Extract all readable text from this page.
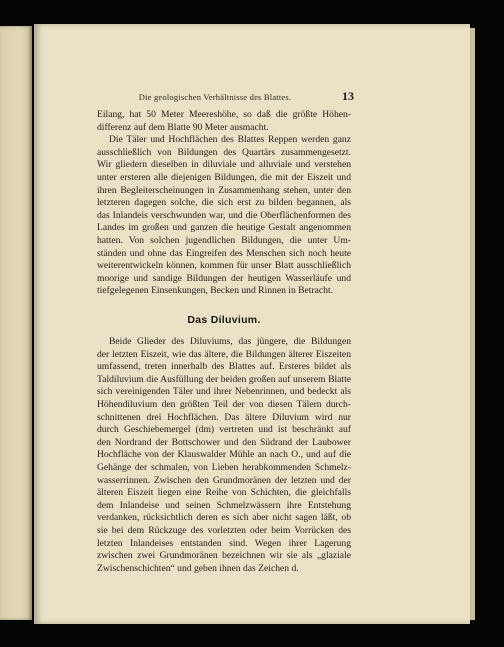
Die geologischen Verhältnisse des Blattes.	13
Eilang, hat 50 Meter Meereshöhe, so daß die größte Höhen-
differenz auf dem Blatte 90 Meter ausmacht.
Die Täler und Hochflächen des Blattes Reppen werden ganz
ausschließlich von Bildungen des Quartärs zusammengesetzt.
Wir gliedern dieselben in diluviale und alluviale und verstehen
unter ersteren alle diejenigen Bildungen, die mit der Eiszeit und
ihren Begleiterscheinungen in Zusammenhang stehen, unter den
letzteren dagegen solche, die sich erst zu bilden begannen, als
das Inlandeis verschwunden war, und die Oberflächenformen des
Landes im großen und ganzen die heutige Gestalt angenommen
hatten. Von solchen jugendlichen Bildungen, die unter Um-
ständen und ohne das Eingreifen des Menschen sich noch heute
weiterentwickeln können, kommen für unser Blatt ausschließlich
moorige und sandige Bildungen der heutigen Wasserläufe und
tiefgelegenen Einsenkungen, Becken und Rinnen in Betracht.
Das Diluvium.
Beide Glieder des Diluviums, das jüngere, die Bildungen
der letzten Eiszeit, wie das ältere, die Bildungen älterer Eiszeiten
umfassend, treten innerhalb des Blattes auf. Ersteres bildet als
Taldiluvium die Ausfüllung der beiden großen auf unserem Blatte
sich vereinigenden Täler und ihrer Nebenrinnen, und bedeckt als
Höhendiluvium den größten Teil der von diesen Tälern durch-
schnittenen drei Hochflächen. Das ältere Diluvium wird nur
durch Geschiebemergel (dm) vertreten und ist beschränkt auf
den Nordrand der Bottschower und den Südrand der Laubower
Hochfläche von der Klauswalder Mühle an nach O., und auf die
Gehänge der schmalen, von Lieben herabkommenden Schmelz-
wasserrinnen. Zwischen den Grundmoränen der letzten und der
älteren Eiszeit liegen eine Reihe von Schichten, die gleichfalls
dem Inlandeise und seinen Schmelzwässern ihre Entstehung
verdanken, rücksichtlich deren es sich aber nicht sagen läßt, ob
sie bei dem Rückzuge des vorletzten oder beim Vorrücken des
letzten Inlandeises entstanden sind. Wegen ihrer Lagerung
zwischen zwei Grundmoränen bezeichnen wir sie als „glaziale
Zwischenschichten“ und geben ihnen das Zeichen d.
